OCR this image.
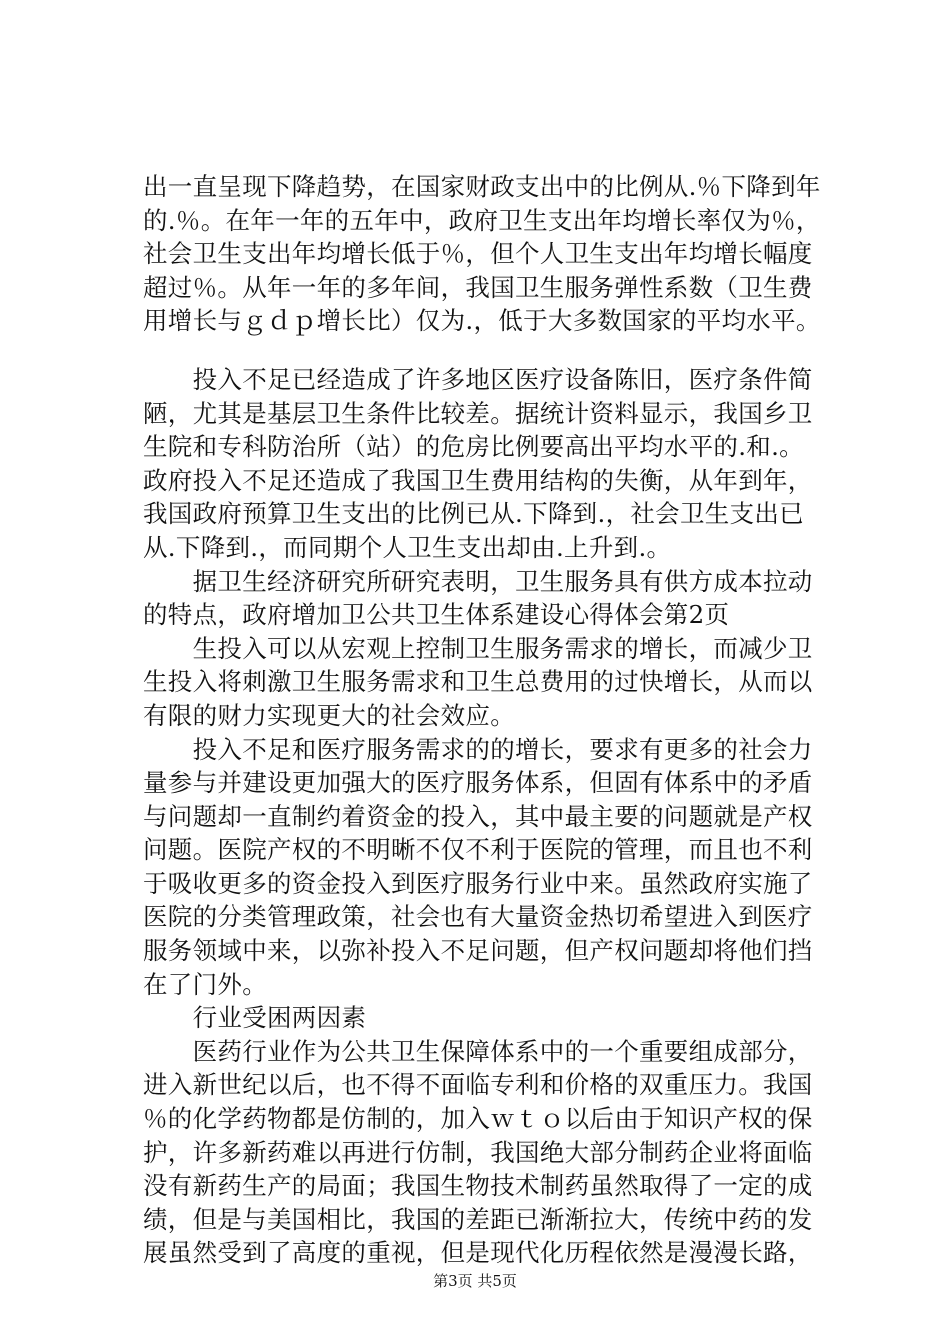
出一直呈现下降趋势，在国家财政支出中的比例从.％下降到年
的.％。在年一年的五年中，政府卫生支出年均增长率仅为％，
社会卫生支出年均增长低于％，但个人卫生支出年均增长幅度
超过％。从年一年的多年间，我国卫生服务弹性系数（卫生费
用增长与ｇｄｐ增长比）仅为.，低于大多数国家的平均水平。
　　投入不足已经造成了许多地区医疗设备陈旧，医疗条件简
陋，尤其是基层卫生条件比较差。据统计资料显示，我国乡卫
生院和专科防治所（站）的危房比例要高出平均水平的.和.。
政府投入不足还造成了我国卫生费用结构的失衡，从年到年，
我国政府预算卫生支出的比例已从.下降到.，社会卫生支出已
从.下降到.，而同期个人卫生支出却由.上升到.。
　　据卫生经济研究所研究表明，卫生服务具有供方成本拉动
的特点，政府增加卫公共卫生体系建设心得体会第2页
　　生投入可以从宏观上控制卫生服务需求的增长，而减少卫
生投入将刺激卫生服务需求和卫生总费用的过快增长，从而以
有限的财力实现更大的社会效应。
　　投入不足和医疗服务需求的的增长，要求有更多的社会力
量参与并建设更加强大的医疗服务体系，但固有体系中的矛盾
与问题却一直制约着资金的投入，其中最主要的问题就是产权
问题。医院产权的不明晰不仅不利于医院的管理，而且也不利
于吸收更多的资金投入到医疗服务行业中来。虽然政府实施了
医院的分类管理政策，社会也有大量资金热切希望进入到医疗
服务领域中来，以弥补投入不足问题，但产权问题却将他们挡
在了门外。
　　行业受困两因素
　　医药行业作为公共卫生保障体系中的一个重要组成部分，
进入新世纪以后，也不得不面临专利和价格的双重压力。我国
％的化学药物都是仿制的，加入ｗｔｏ以后由于知识产权的保
护，许多新药难以再进行仿制，我国绝大部分制药企业将面临
没有新药生产的局面；我国生物技术制药虽然取得了一定的成
绩，但是与美国相比，我国的差距已渐渐拉大，传统中药的发
展虽然受到了高度的重视，但是现代化历程依然是漫漫长路，
第3页 共5页
